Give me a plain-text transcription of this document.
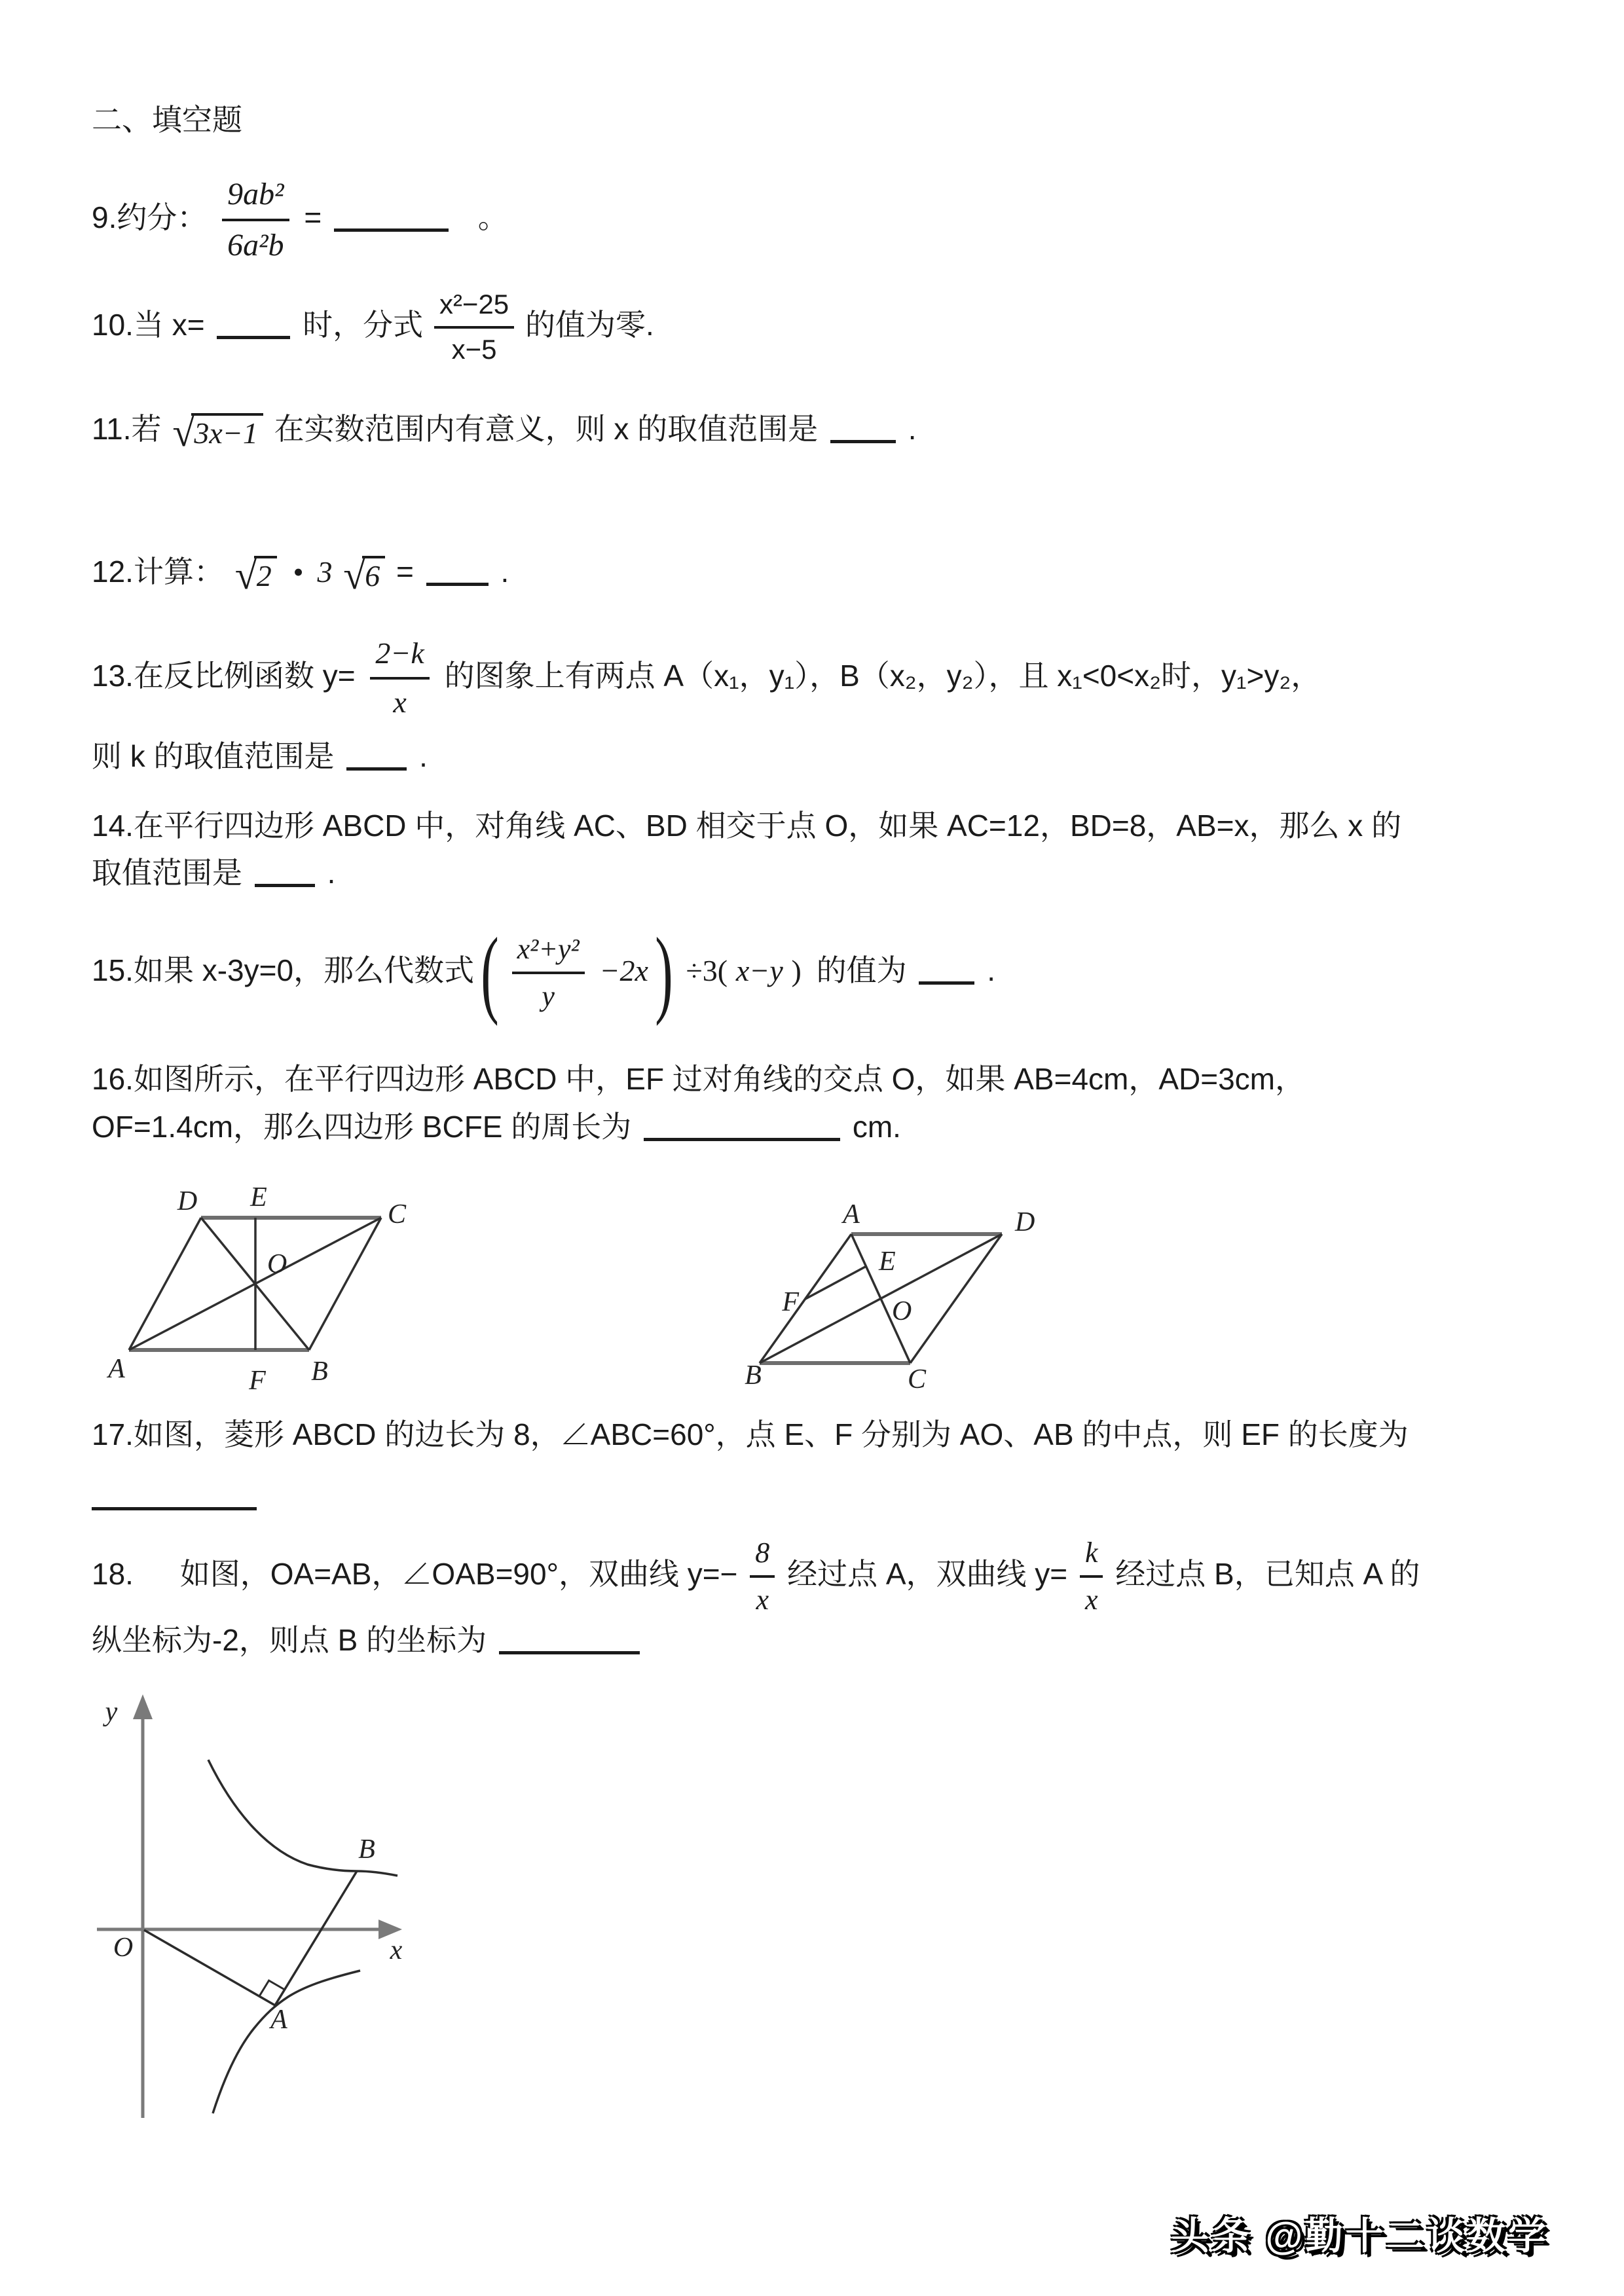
二、填空题
9.约分： $\frac{\text{9ab²}}{\text{6a²b}}$ =	。
10.当 x=	时，分式 $\frac{\text{x²−25}}{x-5}$ 的值为零.
11.若 √ 3x−1 在实数范围内有意义，则 x 的取值范围是	.
12.计算： √ 2 • 3 √ 6 =	.
13.在反比例函数 $y= \frac{2-k}{x}$ 的图象上有两点 A（x₁，y₁），B（x₂，y₂），且 x₁<0<x₂时，y₁>y₂，
则 k 的取值范围是	.
14.在平行四边形 ABCD 中，对角线 AC、BD 相交于点 O，如果 AC=12，BD=8，AB=x，那么 x 的
取值范围是	.
15.如果 x-3y=0，那么代数式 ( $\frac{\text{x²+y²}}{y} -2x$ ) ÷3( x−y ) 的值为	.
16.如图所示，在平行四边形 ABCD 中，EF 过对角线的交点 O，如果 AB=4cm，AD=3cm，
OF=1.4cm，那么四边形 BCFE 的周长为	cm.
D E
C
O
A	F B
A	D
E
F	O
B	C
17.如图，菱形 ABCD 的边长为 8，∠ABC=60°，点 E、F 分别为 AO、AB 的中点，则 EF 的长度为
18. 如图，OA=AB，∠OAB=90°，双曲线 $y=- \frac{8}{x}$ 经过点 A，双曲线 $y= \frac{k}{x}$ 经过点 B，已知点 A 的
纵坐标为-2，则点 B 的坐标为
y
x
O
B
A
头条 @勤十二谈数学
